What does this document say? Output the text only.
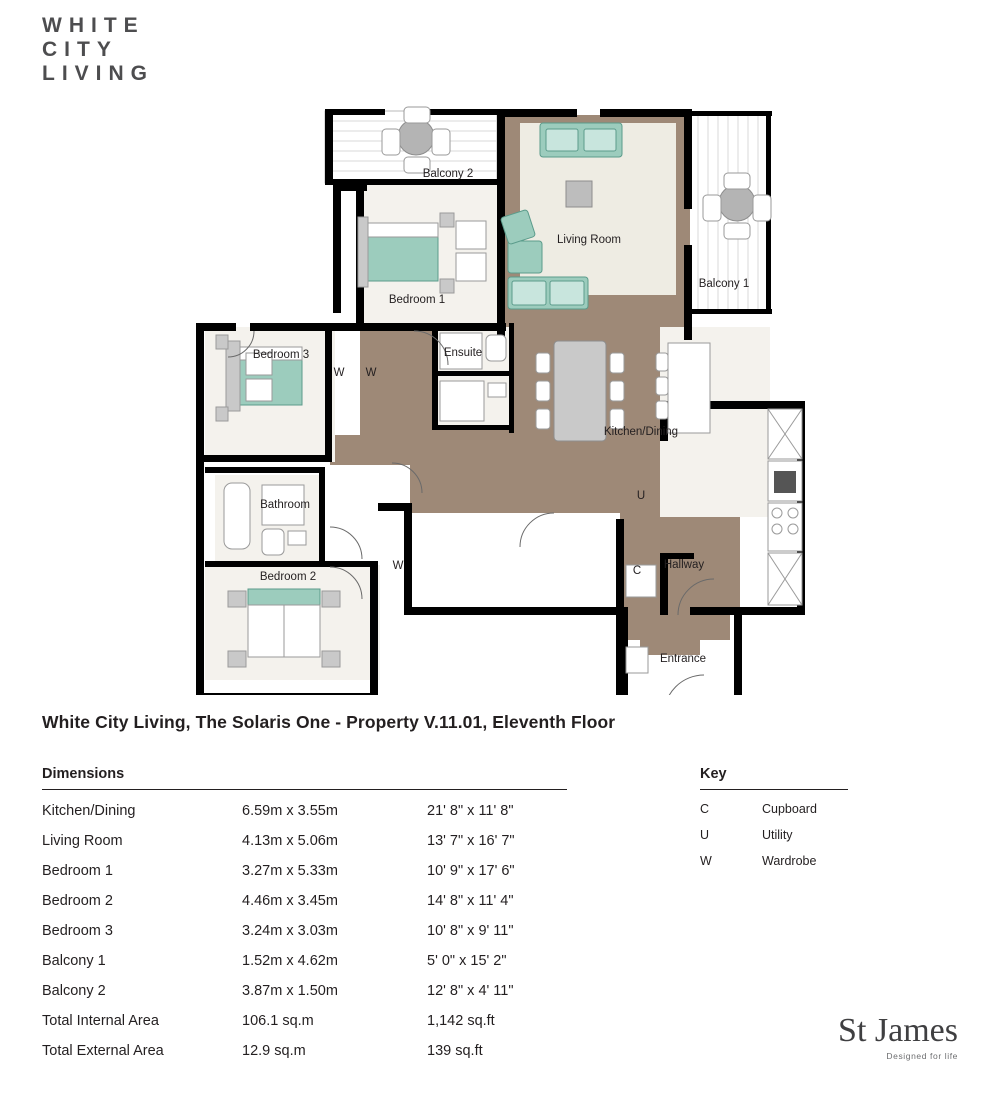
WHITE
CITY
LIVING
Balcony 2
Living Room
Balcony 1
Bedroom 1
Bedroom 3	Ensuite
Kitchen/Dining
Bathroom
Hallway
Bedroom 2
Entrance
W W
W
U
C
White City Living, The Solaris One - Property V.11.01, Eleventh Floor
Dimensions
Kitchen/Dining	6.59m x 3.55m	21' 8" x 11' 8"
Living Room	4.13m x 5.06m	13' 7" x 16' 7"
Bedroom 1	3.27m x 5.33m	10' 9" x 17' 6"
Bedroom 2	4.46m x 3.45m	14' 8" x 11' 4"
Bedroom 3	3.24m x 3.03m	10' 8" x 9' 11"
Balcony 1	1.52m x 4.62m	5' 0" x 15' 2"
Balcony 2	3.87m x 1.50m	12' 8" x 4' 11"
Total Internal Area	106.1 sq.m	1,142 sq.ft
Total External Area	12.9 sq.m	139 sq.ft
Key
C	Cupboard
U	Utility
W	Wardrobe
St James
Designed for life
